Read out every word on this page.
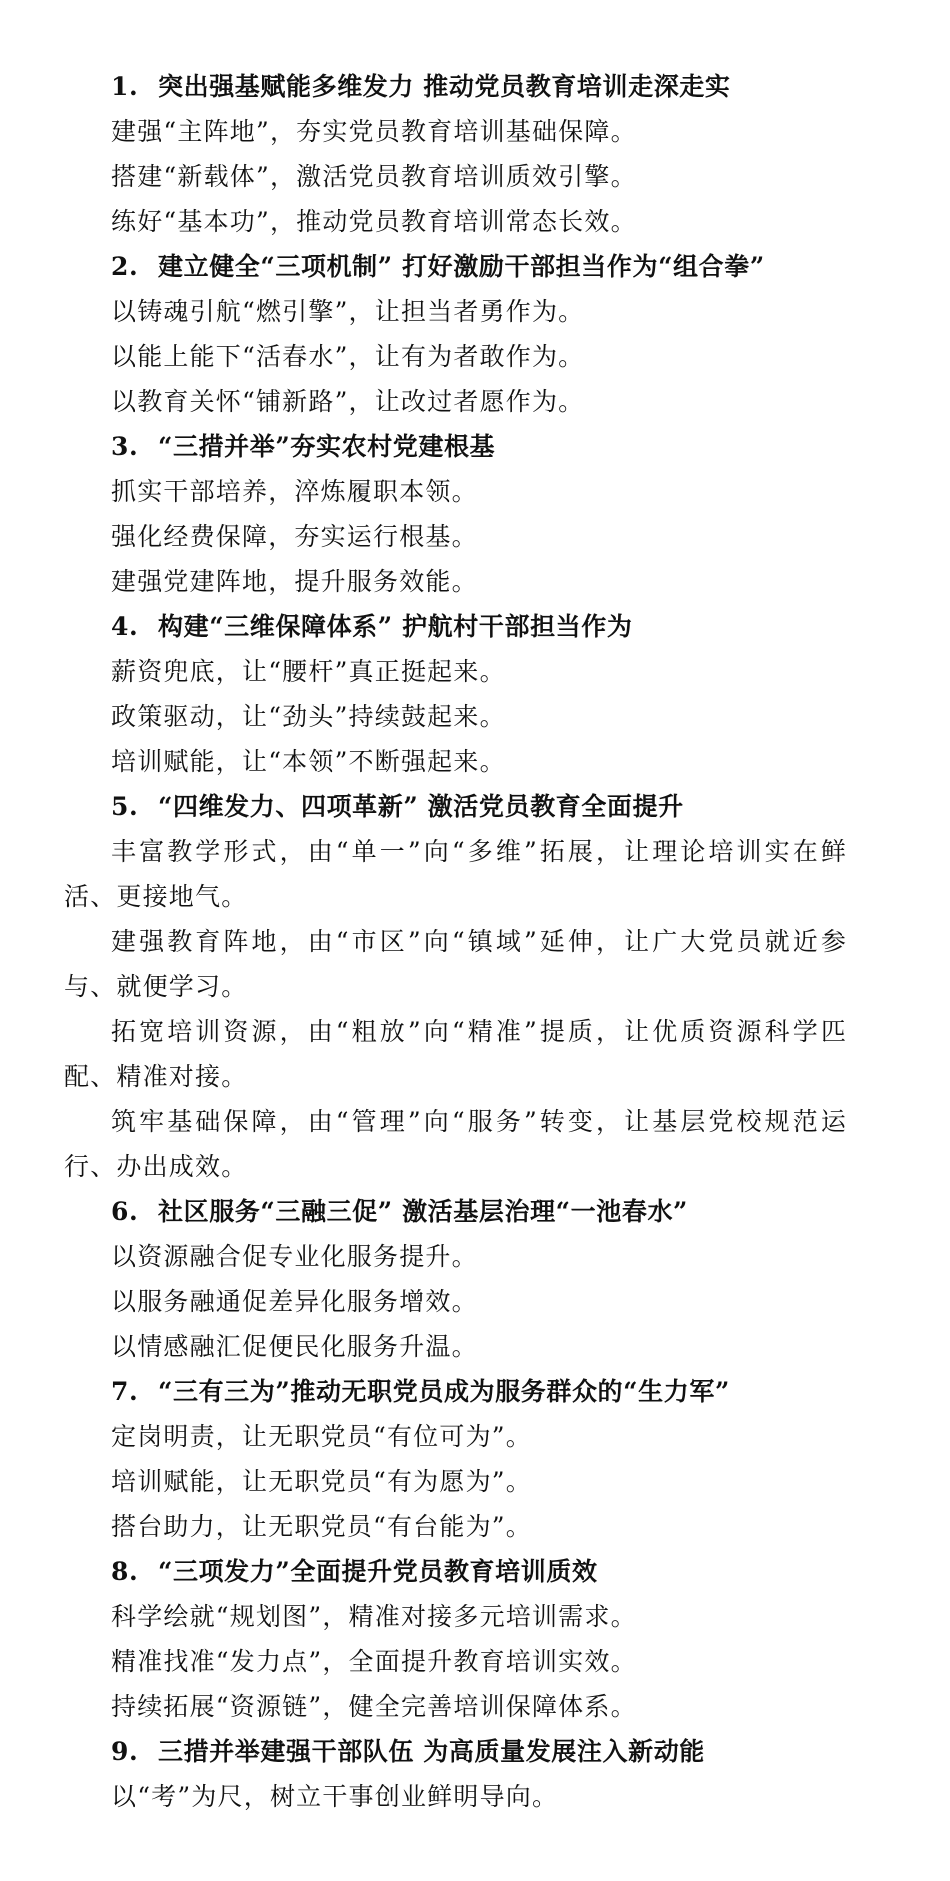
1. 突出强基赋能多维发力 推动党员教育培训走深走实
建强“主阵地”，夯实党员教育培训基础保障。
搭建“新载体”，激活党员教育培训质效引擎。
练好“基本功”，推动党员教育培训常态长效。
2. 建立健全“三项机制” 打好激励干部担当作为“组合拳”
以铸魂引航“燃引擎”，让担当者勇作为。
以能上能下“活春水”，让有为者敢作为。
以教育关怀“铺新路”，让改过者愿作为。
3. “三措并举”夯实农村党建根基
抓实干部培养，淬炼履职本领。
强化经费保障，夯实运行根基。
建强党建阵地，提升服务效能。
4. 构建“三维保障体系” 护航村干部担当作为
薪资兜底，让“腰杆”真正挺起来。
政策驱动，让“劲头”持续鼓起来。
培训赋能，让“本领”不断强起来。
5. “四维发力、四项革新” 激活党员教育全面提升
丰富教学形式，由“单一”向“多维”拓展，让理论培训实在鲜
活、更接地气。
建强教育阵地，由“市区”向“镇域”延伸，让广大党员就近参
与、就便学习。
拓宽培训资源，由“粗放”向“精准”提质，让优质资源科学匹
配、精准对接。
筑牢基础保障，由“管理”向“服务”转变，让基层党校规范运
行、办出成效。
6. 社区服务“三融三促” 激活基层治理“一池春水”
以资源融合促专业化服务提升。
以服务融通促差异化服务增效。
以情感融汇促便民化服务升温。
7. “三有三为”推动无职党员成为服务群众的“生力军”
定岗明责，让无职党员“有位可为”。
培训赋能，让无职党员“有为愿为”。
搭台助力，让无职党员“有台能为”。
8. “三项发力”全面提升党员教育培训质效
科学绘就“规划图”，精准对接多元培训需求。
精准找准“发力点”，全面提升教育培训实效。
持续拓展“资源链”，健全完善培训保障体系。
9. 三措并举建强干部队伍 为高质量发展注入新动能
以“考”为尺，树立干事创业鲜明导向。
